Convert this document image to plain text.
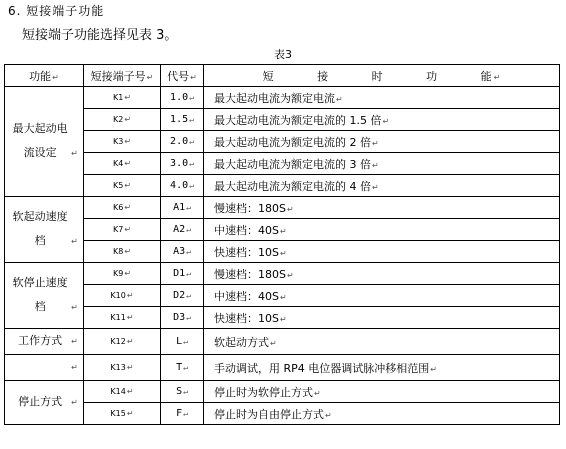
6. 短接端子功能
短接端子功能选择见表 3。
表3
功能↵	短接端子号↵	代号↵	短 接 时 功 能↵
最大起动电流设定 ↵	K1↵	1.0↵	最大起动电流为额定电流↵
	K2↵	1.5↵	最大起动电流为额定电流的 1.5 倍↵
	K3↵	2.0↵	最大起动电流为额定电流的 2 倍↵
	K4↵	3.0↵	最大起动电流为额定电流的 3 倍↵
	K5↵	4.0↵	最大起动电流为额定电流的 4 倍↵
软起动速度档 ↵	K6↵	A1↵	慢速档：180S↵
	K7↵	A2↵	中速档：40S↵
	K8↵	A3↵	快速档：10S↵
软停止速度档 ↵	K9↵	D1↵	慢速档：180S↵
	K10↵	D2↵	中速档：40S↵
	K11↵	D3↵	快速档：10S↵
工作方式 ↵	K12↵	L↵	软起动方式↵
↵	K13↵	T↵	手动调试，用 RP4 电位器调试脉冲移相范围↵
停止方式 ↵	K14↵	S↵	停止时为软停止方式↵
	K15↵	F↵	停止时为自由停止方式↵
